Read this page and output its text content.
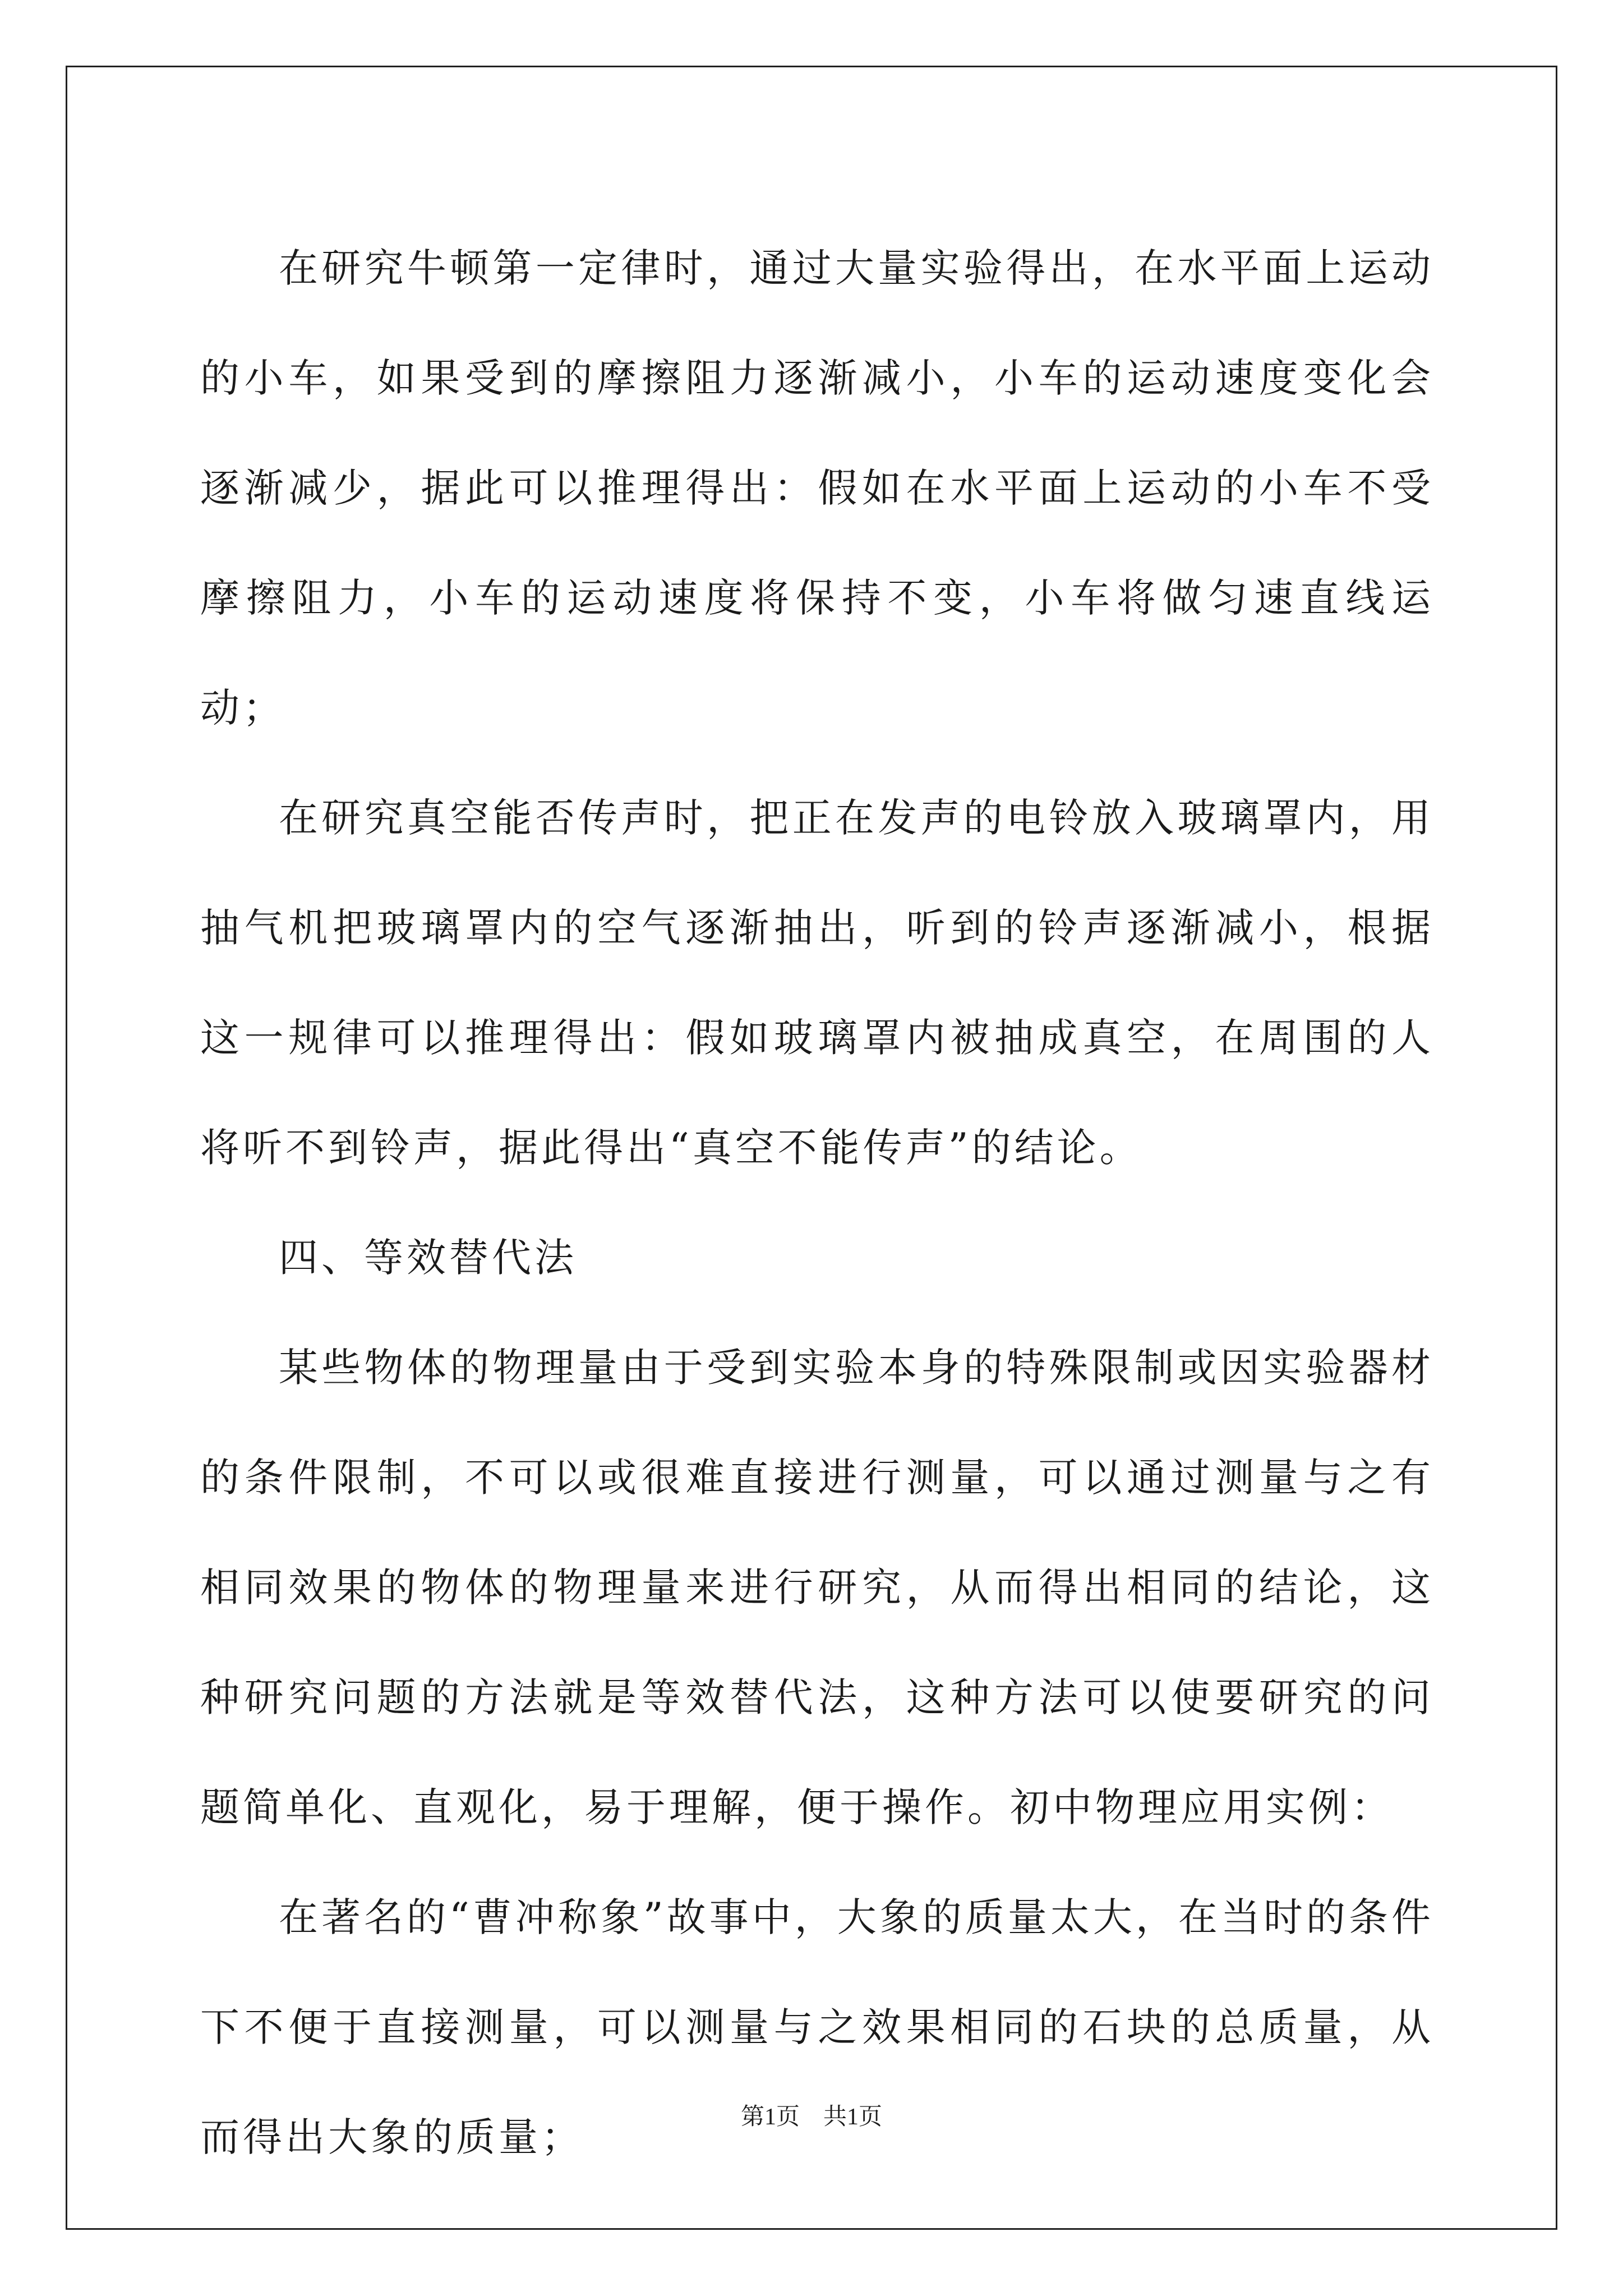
在研究牛顿第一定律时，通过大量实验得出，在水平面上运动的小车，如果受到的摩擦阻力逐渐减小，小车的运动速度变化会逐渐减少，据此可以推理得出：假如在水平面上运动的小车不受摩擦阻力，小车的运动速度将保持不变，小车将做匀速直线运动；

在研究真空能否传声时，把正在发声的电铃放入玻璃罩内，用抽气机把玻璃罩内的空气逐渐抽出，听到的铃声逐渐减小，根据这一规律可以推理得出：假如玻璃罩内被抽成真空，在周围的人将听不到铃声，据此得出“真空不能传声”的结论。

四、等效替代法

某些物体的物理量由于受到实验本身的特殊限制或因实验器材的条件限制，不可以或很难直接进行测量，可以通过测量与之有相同效果的物体的物理量来进行研究，从而得出相同的结论，这种研究问题的方法就是等效替代法，这种方法可以使要研究的问题简单化、直观化，易于理解，便于操作。初中物理应用实例：

在著名的“曹冲称象”故事中，大象的质量太大，在当时的条件下不便于直接测量，可以测量与之效果相同的石块的总质量，从而得出大象的质量；	第1页 共1页
